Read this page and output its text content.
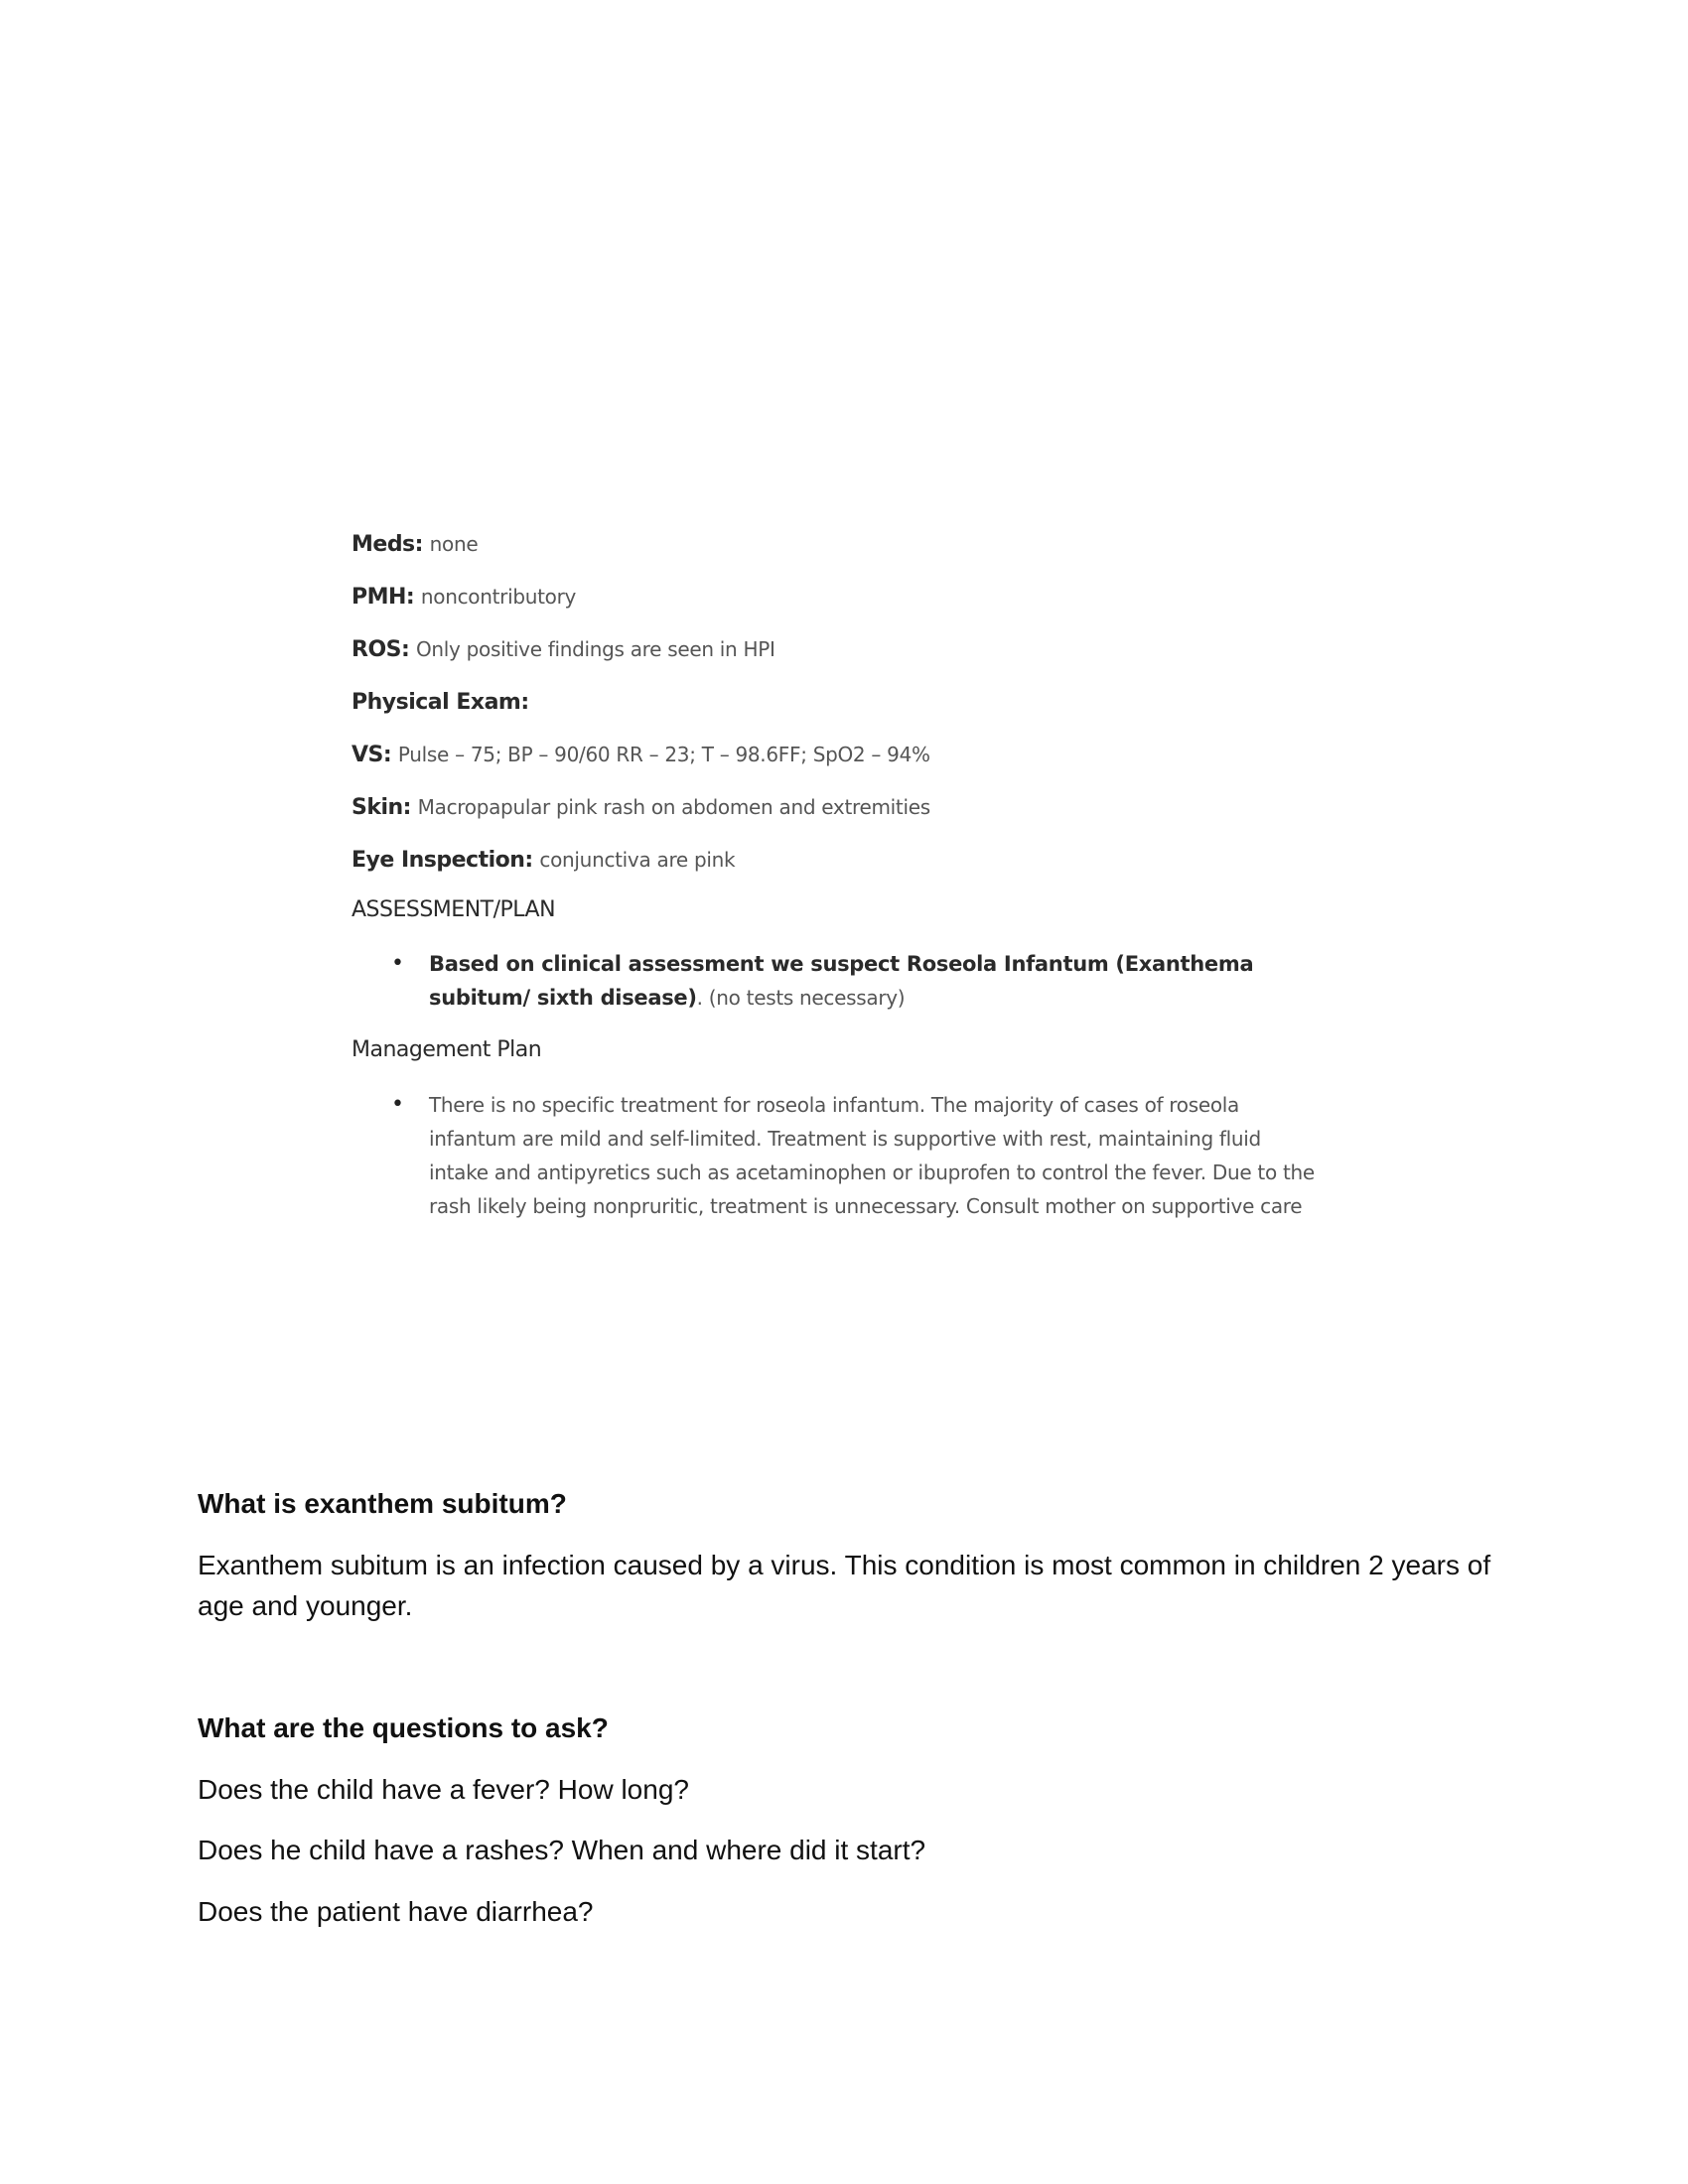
Meds: none
PMH: noncontributory
ROS: Only positive findings are seen in HPI
Physical Exam:
VS: Pulse – 75; BP – 90/60 RR – 23; T – 98.6FF; SpO2 – 94%
Skin: Macropapular pink rash on abdomen and extremities
Eye Inspection: conjunctiva are pink
ASSESSMENT/PLAN
• Based on clinical assessment we suspect Roseola Infantum (Exanthema subitum/ sixth disease). (no tests necessary)
Management Plan
• There is no specific treatment for roseola infantum. The majority of cases of roseola infantum are mild and self-limited. Treatment is supportive with rest, maintaining fluid intake and antipyretics such as acetaminophen or ibuprofen to control the fever. Due to the rash likely being nonpruritic, treatment is unnecessary. Consult mother on supportive care
What is exanthem subitum?
Exanthem subitum is an infection caused by a virus. This condition is most common in children 2 years of age and younger.
What are the questions to ask?
Does the child have a fever? How long?
Does he child have a rashes? When and where did it start?
Does the patient have diarrhea?
